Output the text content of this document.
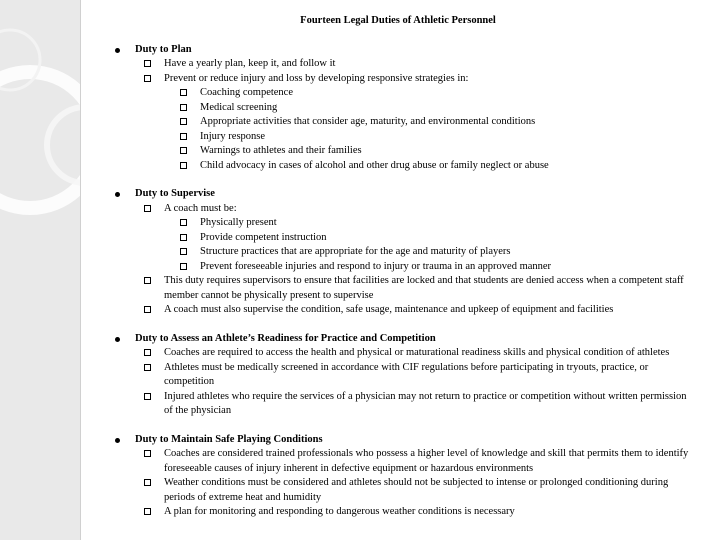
Fourteen Legal Duties of Athletic Personnel
Duty to Plan
Have a yearly plan, keep it, and follow it
Prevent or reduce injury and loss by developing responsive strategies in:
Coaching competence
Medical screening
Appropriate activities that consider age, maturity, and environmental conditions
Injury response
Warnings to athletes and their families
Child advocacy in cases of alcohol and other drug abuse or family neglect or abuse
Duty to Supervise
A coach must be:
Physically present
Provide competent instruction
Structure practices that are appropriate for the age and maturity of players
Prevent foreseeable injuries and respond to injury or trauma in an approved manner
This duty requires supervisors to ensure that facilities are locked and that students are denied access when a competent staff member cannot be physically present to supervise
A coach must also supervise the condition, safe usage, maintenance and upkeep of equipment and facilities
Duty to Assess an Athlete’s Readiness for Practice and Competition
Coaches are required to access the health and physical or maturational readiness skills and physical condition of athletes
Athletes must be medically screened in accordance with CIF regulations before participating in tryouts, practice, or competition
Injured athletes who require the services of a physician may not return to practice or competition without written permission of the physician
Duty to Maintain Safe Playing Conditions
Coaches are considered trained professionals who possess a higher level of knowledge and skill that permits them to identify foreseeable causes of injury inherent in defective equipment or hazardous environments
Weather conditions must be considered and athletes should not be subjected to intense or prolonged conditioning during periods of extreme heat and humidity
A plan for monitoring and responding to dangerous weather conditions is necessary
